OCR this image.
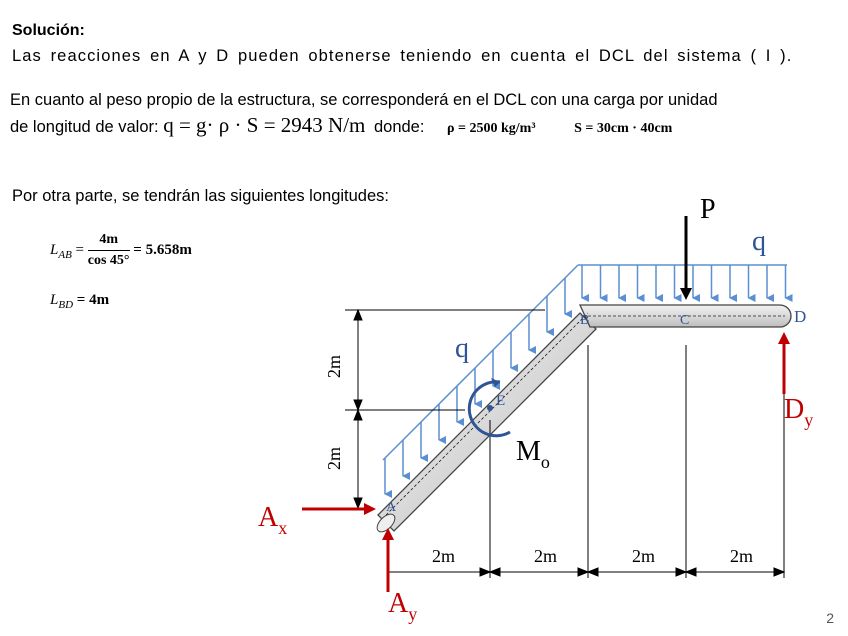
Solución:
Las reacciones en A y D pueden obtenerse teniendo en cuenta el DCL del sistema ( I ).
En cuanto al peso propio de la estructura, se corresponderá en el DCL con una carga por unidad
de longitud de valor: q = g· ρ · S = 2943 N/m donde: ρ = 2500 kg/m³	S = 30cm · 40cm
Por otra parte, se tendrán las siguientes longitudes:
$L_{AB} = \frac{4m}{\cos 45^\circ} = 5.658m$
$L_{BD} = 4m$
2m
2m
2m	2m	2m	2m
P
q
q
B	C	D
E
A
$M_o$
$A_x$
$A_y$
$D_y$
2
